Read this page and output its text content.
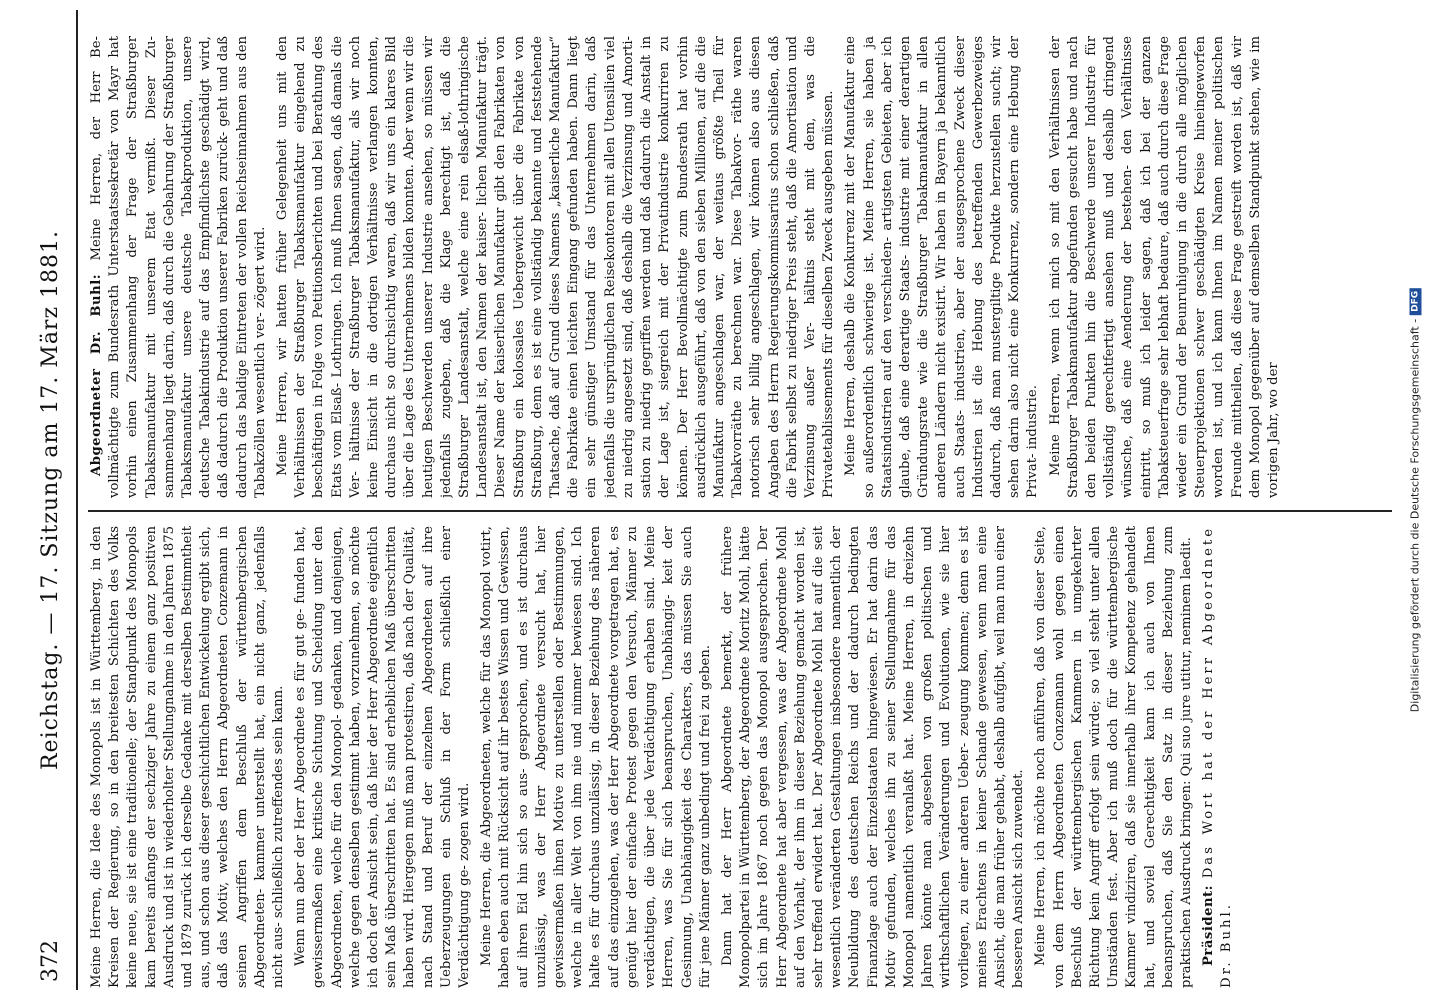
372
Reichstag. — 17. Sitzung am 17. März 1881. Meine Herren, die Idee des Monopols ist in Württemberg, in den Kreisen der Regierung, so in den breitesten Schichten des Volks keine neue, sie ist eine traditionelle; der Standpunkt des Monopols kam bereits anfangs der sechziger Jahre zu einem ganz positiven Ausdruck und ist in wiederholter Stellungnahme in den Jahren 1875 und 1879 zurück ich derselbe Gedanke mit derselben Bestimmtheit aus, und schon aus dieser geschichtlichen Entwickelung ergibt sich, daß das Motiv, welches den Herrn Abgeordneten Conzemann in seinen Angriffen dem Beschluß der württembergischen Abgeordneten- kammer unterstellt hat, ein nicht ganz, jedenfalls nicht aus- schließlich zutreffendes sein kann. Wenn nun aber der Herr Abgeordnete es für gut ge- funden hat, gewissermaßen eine kritische Sichtung und Scheidung unter den Abgeordneten, welche für den Monopol- gedanken, und denjenigen, welche gegen denselben gestimmt haben, vorzunehmen, so möchte ich doch der Ansicht sein, daß hier der Herr Abgeordnete eigentlich sein Maß überschritten hat. Es sind erheblichen Maß überschritten haben wird. Hiergegen muß man protestiren, daß nach der Qualität, nach Stand und Beruf der einzelnen Abgeordneten auf ihre Ueberzeugungen ein Schluß in der Form schließlich einer Verdächtigung ge- zogen wird. Meine Herren, die Abgeordneten, welche für das Monopol votirt, haben eben auch mit Rücksicht auf ihr bestes Wissen und Gewissen, auf ihren Eid hin sich so aus- gesprochen, und es ist durchaus unzulässig, was der Herr Abgeordnete versucht hat, hier gewissermaßen ihnen Motive zu unterstellen oder Bestimmungen, welche in aller Welt von ihm nie und nimmer bewiesen sind. Ich halte es für durchaus unzulässig, in dieser Beziehung des näheren auf das einzugehen, was der Herr Abgeordnete vorgetragen hat, es genügt hier der einfache Protest gegen den Versuch, Männer zu verdächtigen, die über jede Verdächtigung erhaben sind. Meine Herren, was Sie für sich beanspruchen, Unabhängig- keit der Gesinnung, Unabhängigkeit des Charakters, das müssen Sie auch für jene Männer ganz unbedingt und frei zu geben. Dann hat der Herr Abgeordnete bemerkt, der frühere Monopolpartei in Württemberg, der Abgeordnete Moritz Mohl, hätte sich im Jahre 1867 noch gegen das Monopol ausgesprochen. Der Herr Abgeordnete hat aber vergessen, was der Abgeordnete Mohl auf den Vorhalt, der ihm in dieser Beziehung gemacht worden ist, sehr treffend erwidert hat. Der Abgeordnete Mohl hat auf die seit wesentlich veränderten Gestaltungen insbesondere namentlich der Neubildung des deutschen Reichs und der dadurch bedingten Finanzlage auch der Einzelstaaten hingewiesen. Er hat darin das Motiv gefunden, welches ihn zu seiner Stellungnahme für das Monopol namentlich veranlaßt hat. Meine Herren, in dreizehn Jahren könnte man abgesehen von großen politischen und wirthschaftlichen Veränderungen und Evolutionen, wie sie hier vorliegen, zu einer anderen Ueber- zeugung kommen; denn es ist meines Erachtens in keiner Schande gewesen, wenn man eine Ansicht, die man früher gehabt, deshalb aufgibt, weil man nun einer besseren Ansicht sich zuwendet. Meine Herren, ich möchte noch anführen, daß von dieser Seite, von dem Herrn Abgeordneten Conzemann wohl gegen einen Beschluß der württembergischen Kammern in umgekehrter Richtung kein Angriff erfolgt sein würde; so viel steht unter allen Umständen fest. Aber ich muß doch für die württembergische Kammer vindiziren, daß sie innerhalb ihrer Kompetenz gehandelt hat, und soviel Gerechtigkeit kann ich auch von Ihnen beanspruchen, daß Sie den Satz in dieser Beziehung zum praktischen Ausdruck bringen: Qui suo jure utitur, neminem laedit. Präsident: Das Wort hat der Herr Abgeordnete Dr. Buhl.

Abgeordneter Dr. Buhl: Meine Herren, der Herr Be- vollmächtigte zum Bundesrath Unterstaatssekretär von Mayr hat vorhin einen Zusammenhang der Frage der Straßburger Tabaksmanufaktur mit unserem Etat vermißt. Dieser Zu- sammenhang liegt darin, daß durch die Gebahrung der Straßburger Tabaksmanufaktur unsere deutsche Tabakproduktion, unsere deutsche Tabakindustrie auf das Empfindlichste geschädigt wird, daß dadurch die Produktion unserer Fabriken zurück- geht und daß dadurch das baldige Eintreten der vollen Reichseinnahmen aus den Tabakzöllen wesentlich ver- zögert wird. Meine Herren, wir hatten früher Gelegenheit uns mit den Verhältnissen der Straßburger Tabaksmanufaktur eingehend zu beschäftigen in Folge von Petitionsberichten und bei Berathung des Etats vom Elsaß- Lothringen. Ich muß Ihnen sagen, daß damals die Ver- hältnisse der Straßburger Tabaksmanufaktur, als wir noch keine Einsicht in die dortigen Verhältnisse verlangen konnten, durchaus nicht so durchsichtig waren, daß wir uns ein klares Bild über die Lage des Unternehmens bilden konnten. Aber wenn wir die heutigen Beschwerden unserer Industrie ansehen, so müssen wir jedenfalls zugeben, daß die Klage berechtigt ist, daß die Straßburger Landesanstalt, welche eine rein elsaß-lothringische Landesanstalt ist, den Namen der kaiser- lichen Manufaktur trägt. Dieser Name der kaiserlichen Manufaktur gibt den Fabrikaten von Straßburg ein kolossales Uebergewicht über die Fabrikate von Straßburg, denn es ist eine vollständig bekannte und feststehende Thatsache, daß auf Grund dieses Namens „kaiserliche Manufaktur“ die Fabrikate einen leichten Eingang gefunden haben. Dann liegt ein sehr günstiger Umstand für das Unternehmen darin, daß jedenfalls die ursprünglichen Reisekontoren mit allen Utensilien viel zu niedrig angesetzt sind, daß deshalb die Verzinsung und Amorti- sation zu niedrig gegriffen werden und daß dadurch die Anstalt in der Lage ist, siegreich mit der Privatindustrie konkurriren zu können. Der Herr Bevollmächtigte zum Bundesrath hat vorhin ausdrücklich ausgeführt, daß von den sieben Millionen, auf die die Manufaktur angeschlagen war, der weitaus größte Theil für Tabakvorräthe zu berechnen war. Diese Tabakvor- räthe waren notorisch sehr billig angeschlagen, wir können also aus diesen Angaben des Herrn Regierungskommissarius schon schließen, daß die Fabrik selbst zu niedriger Preis steht, daß die Amortisation und Verzinsung außer Ver- hältnis steht mit dem, was die Privatetablissements für dieselben Zweck ausgeben müssen. Meine Herren, deshalb die Konkurrenz mit der Manufaktur eine so außerordentlich schwierige ist. Meine Herren, sie haben ja Staatsindustrien auf den verschieden- artigsten Gebieten, aber ich glaube, daß eine derartige Staats- industrie mit einer derartigen Gründungsrate wie die Straßburger Tabakmanufaktur in allen anderen Ländern nicht existirt. Wir haben in Bayern ja bekanntlich auch Staats- industrien, aber der ausgesprochene Zweck dieser Industrien ist die Hebung des betreffenden Gewerbezweiges dadurch, daß man mustergiltige Produkte herzustellen sucht; wir sehen darin also nicht eine Konkurrenz, sondern eine Hebung der Privat- industrie. Meine Herren, wenn ich mich so mit den Verhältnissen der Straßburger Tabakmanufaktur abgefunden gesucht habe und nach den beiden Punkten hin die Beschwerde unserer Industrie für vollständig gerechtfertigt ansehen muß und deshalb dringend wünsche, daß eine Aenderung der bestehen- den Verhältnisse eintritt, so muß ich leider sagen, daß ich bei der ganzen Tabaksteuerfrage sehr lebhaft bedaure, daß auch durch diese Frage wieder ein Grund der Beunruhigung in die durch alle möglichen Steuerprojektionen schwer geschädigten Kreise hineingeworfen worden ist, und ich kann Ihnen im Namen meiner politischen Freunde mittheilen, daß diese Frage gestreift worden ist, daß wir dem Monopol gegenüber auf demselben Standpunkt stehen, wie im vorigen Jahr, wo der	Digitalisierung gefördert durch die Deutsche Forschungsgemeinschaft -
DFG
